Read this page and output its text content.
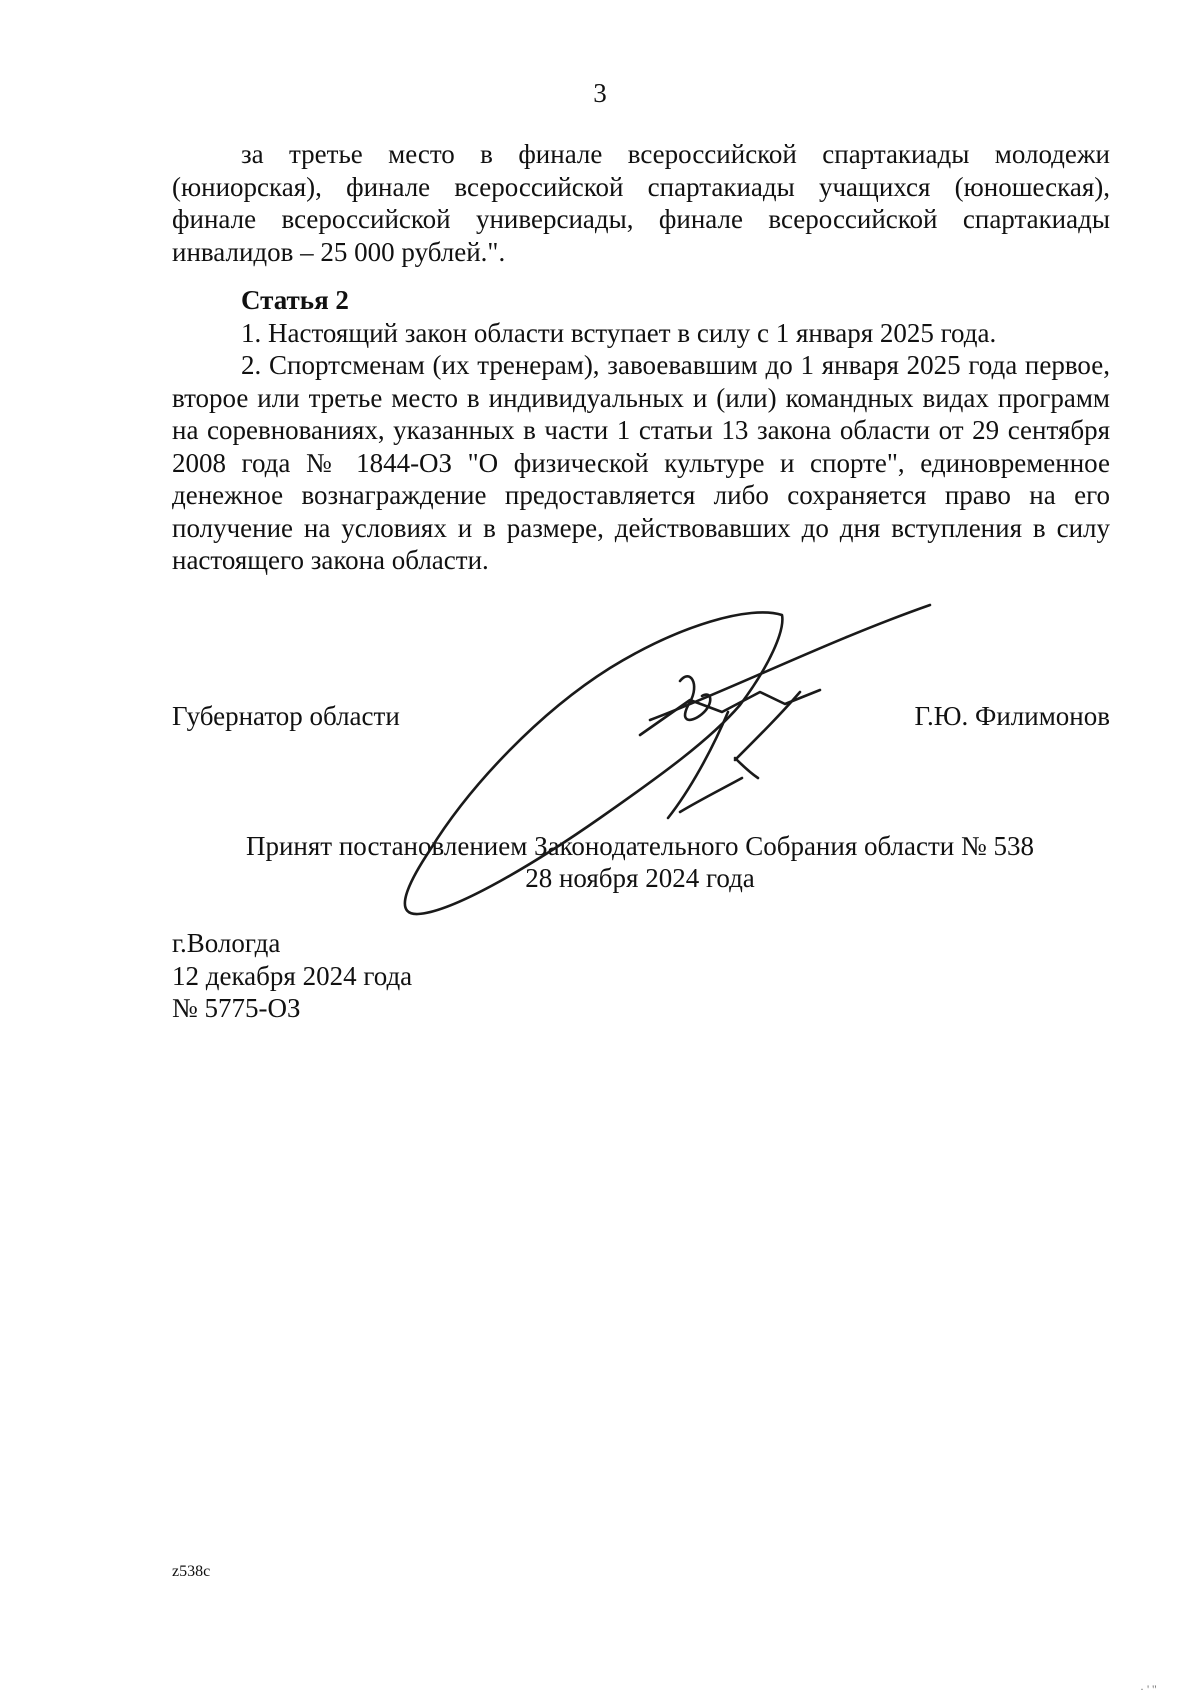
3

за третье место в финале всероссийской спартакиады молодежи (юниорская), финале всероссийской спартакиады учащихся (юношеская), финале всероссийской универсиады, финале всероссийской спартакиады инвалидов – 25 000 рублей.".

Статья 2

1. Настоящий закон области вступает в силу с 1 января 2025 года.

2. Спортсменам (их тренерам), завоевавшим до 1 января 2025 года первое, второе или третье место в индивидуальных и (или) командных видах программ на соревнованиях, указанных в части 1 статьи 13 закона области от 29 сентября 2008 года № 1844-ОЗ "О физической культуре и спорте", единовременное денежное вознаграждение предоставляется либо сохраняется право на его получение на условиях и в размере, действовавших до дня вступления в силу настоящего закона области.

Губернатор области	Г.Ю. Филимонов
Принят постановлением Законодательного Собрания области № 538
28 ноября 2024 года
г.Вологда
12 декабря 2024 года
№ 5775-ОЗ
z538c
· ' ''
